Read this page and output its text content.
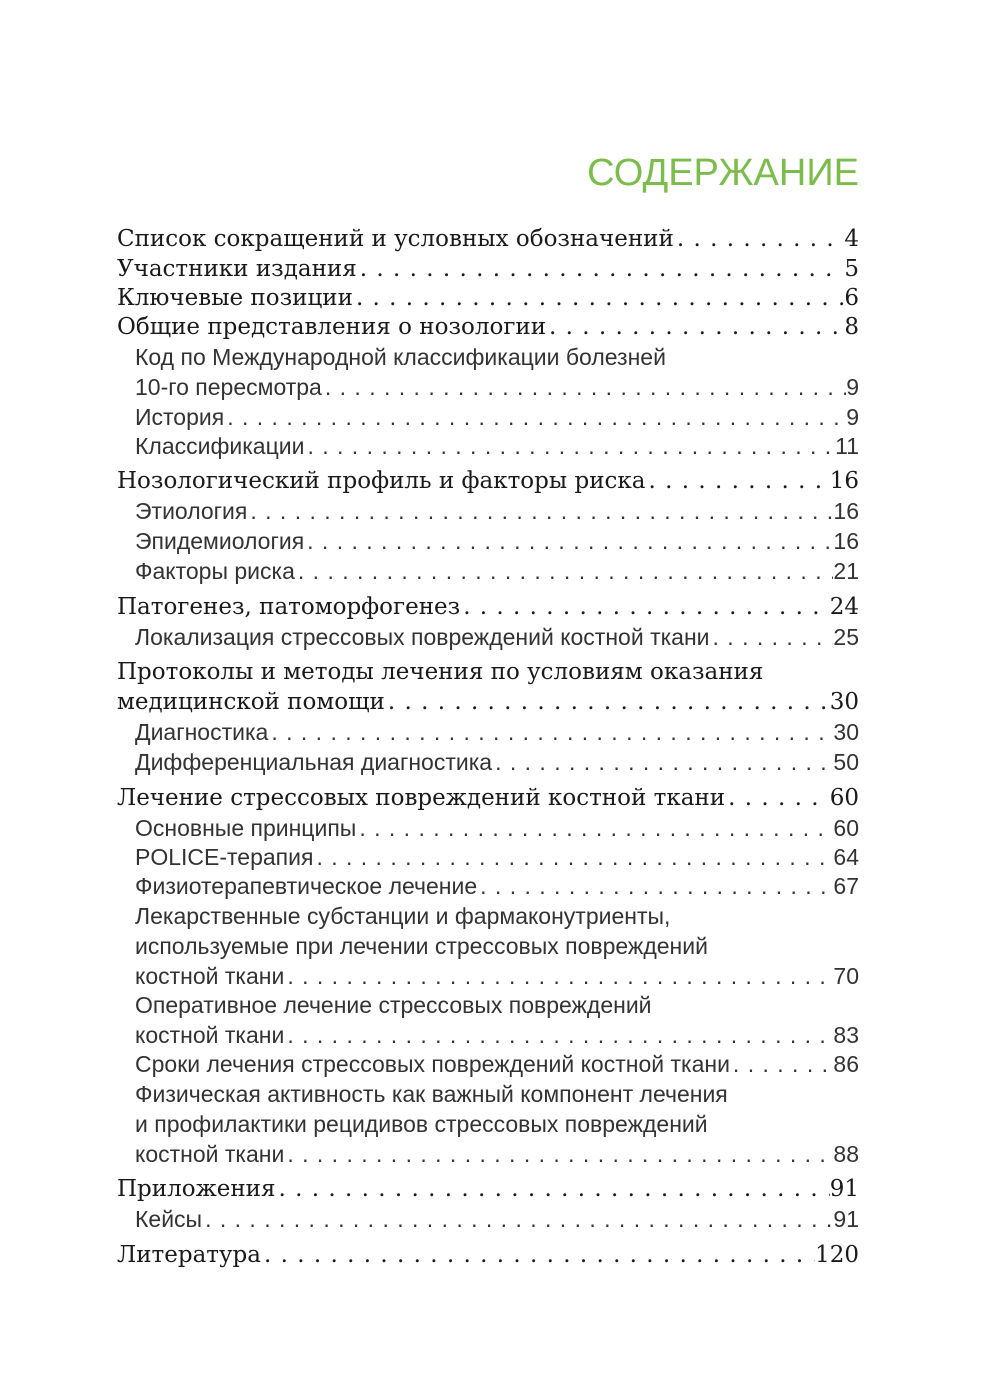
СОДЕРЖАНИЕ
Список сокращений и условных обозначений . . .	4
Участники издания . . .	5
Ключевые позиции . . .	6
Общие представления о нозологии . . .	8
Код по Международной классификации болезней
10-го пересмотра . . .	9
История . . .	9
Классификации . . .	11
Нозологический профиль и факторы риска . . .	16
Этиология . . .	16
Эпидемиология . . .	16
Факторы риска . . .	21
Патогенез, патоморфогенез . . .	24
Локализация стрессовых повреждений костной ткани . . .	25
Протоколы и методы лечения по условиям оказания
медицинской помощи . . .	30
Диагностика . . .	30
Дифференциальная диагностика . . .	50
Лечение стрессовых повреждений костной ткани . . .	60
Основные принципы . . .	60
POLICE-терапия . . .	64
Физиотерапевтическое лечение . . .	67
Лекарственные субстанции и фармаконутриенты,
используемые при лечении стрессовых повреждений
костной ткани . . .	70
Оперативное лечение стрессовых повреждений
костной ткани . . .	83
Сроки лечения стрессовых повреждений костной ткани . . .	86
Физическая активность как важный компонент лечения
и профилактики рецидивов стрессовых повреждений
костной ткани . . .	88
Приложения . . .	91
Кейсы . . .	91
Литература . . .	120
